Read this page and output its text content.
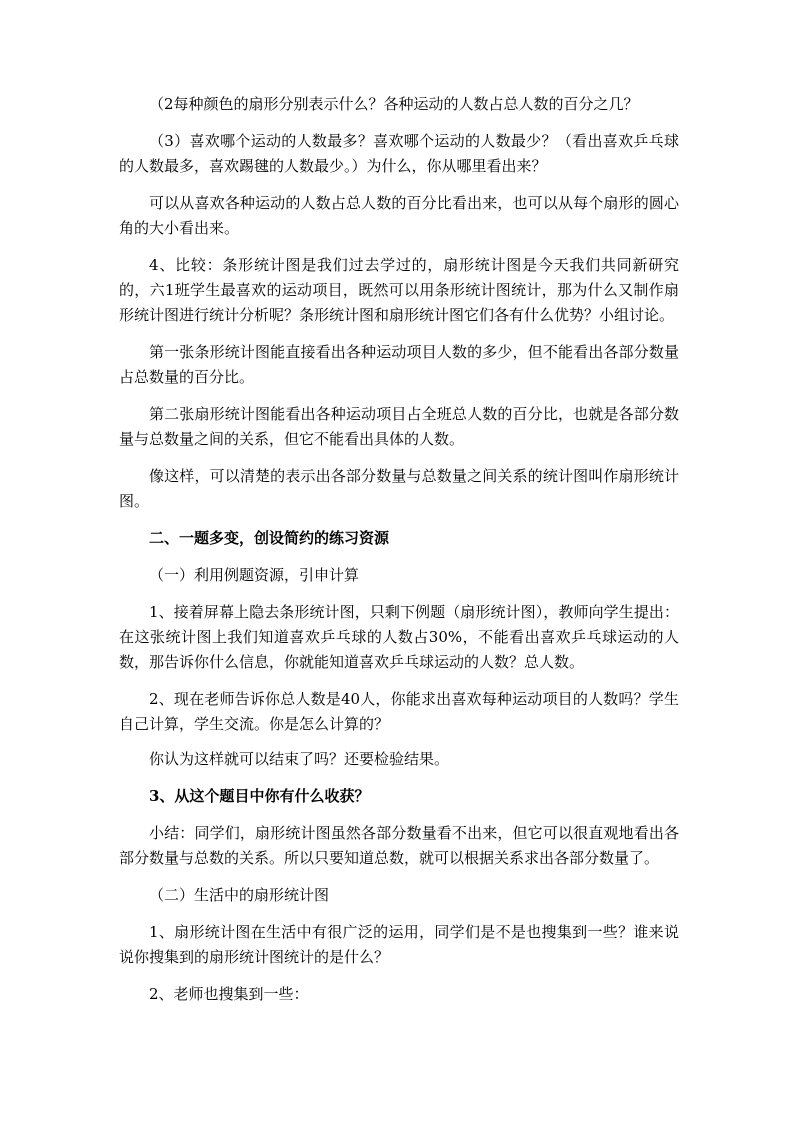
（2每种颜色的扇形分别表示什么？各种运动的人数占总人数的百分之几？

（3）喜欢哪个运动的人数最多？喜欢哪个运动的人数最少？（看出喜欢乒乓球的人数最多，喜欢踢毽的人数最少。）为什么，你从哪里看出来？

可以从喜欢各种运动的人数占总人数的百分比看出来，也可以从每个扇形的圆心角的大小看出来。

4、比较：条形统计图是我们过去学过的，扇形统计图是今天我们共同新研究的，六1班学生最喜欢的运动项目，既然可以用条形统计图统计，那为什么又制作扇形统计图进行统计分析呢？条形统计图和扇形统计图它们各有什么优势？小组讨论。

第一张条形统计图能直接看出各种运动项目人数的多少，但不能看出各部分数量占总数量的百分比。

第二张扇形统计图能看出各种运动项目占全班总人数的百分比，也就是各部分数量与总数量之间的关系，但它不能看出具体的人数。

像这样，可以清楚的表示出各部分数量与总数量之间关系的统计图叫作扇形统计图。

二、一题多变，创设简约的练习资源

（一）利用例题资源，引申计算

1、接着屏幕上隐去条形统计图，只剩下例题（扇形统计图），教师向学生提出：在这张统计图上我们知道喜欢乒乓球的人数占30%，不能看出喜欢乒乓球运动的人数，那告诉你什么信息，你就能知道喜欢乒乓球运动的人数？总人数。

2、现在老师告诉你总人数是40人，你能求出喜欢每种运动项目的人数吗？学生自己计算，学生交流。你是怎么计算的？

你认为这样就可以结束了吗？还要检验结果。

3、从这个题目中你有什么收获？

小结：同学们，扇形统计图虽然各部分数量看不出来，但它可以很直观地看出各部分数量与总数的关系。所以只要知道总数，就可以根据关系求出各部分数量了。

（二）生活中的扇形统计图

1、扇形统计图在生活中有很广泛的运用，同学们是不是也搜集到一些？谁来说说你搜集到的扇形统计图统计的是什么？

2、老师也搜集到一些：
